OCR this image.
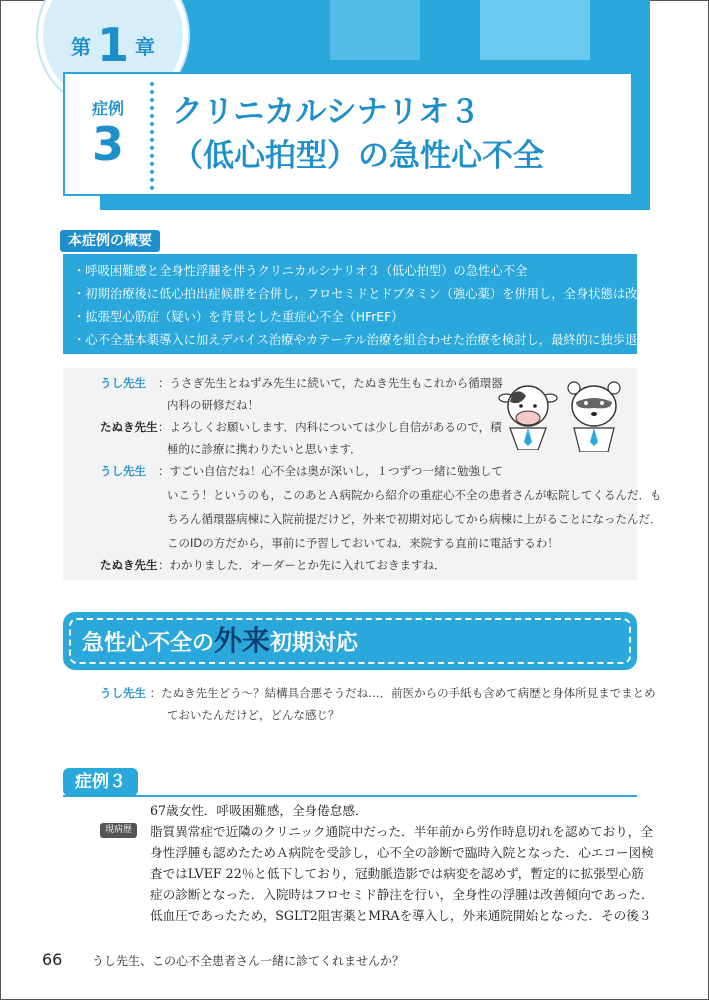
第 1 章
症例
3
クリニカルシナリオ３
（低心拍型）の急性心不全
本症例の概要
・呼吸困難感と全身性浮腫を伴うクリニカルシナリオ３（低心拍型）の急性心不全
・初期治療後に低心拍出症候群を合併し，フロセミドとドブタミン（強心薬）を併用し，全身状態は改善
・拡張型心筋症（疑い）を背景とした重症心不全（HFrEF）
・心不全基本薬導入に加えデバイス治療やカテーテル治療を組合わせた治療を検討し，最終的に独歩退院
うし先生 ：うさぎ先生とねずみ先生に続いて，たぬき先生もこれから循環器
内科の研修だね！
たぬき先生 ：よろしくお願いします．内科については少し自信があるので，積
極的に診療に携わりたいと思います．
うし先生 ：すごい自信だね！心不全は奥が深いし，１つずつ一緒に勉強して
いこう！というのも，このあとＡ病院から紹介の重症心不全の患者さんが転院してくるんだ．も
ちろん循環器病棟に入院前提だけど，外来で初期対応してから病棟に上がることになったんだ．
このIDの方だから，事前に予習しておいてね．来院する直前に電話するわ！
たぬき先生 ：わかりました．オーダーとか先に入れておきますね．
急性心不全の外来初期対応
うし先生 ：たぬき先生どう～？結構具合悪そうだね…．前医からの手紙も含めて病歴と身体所見までまとめ
ておいたんだけど，どんな感じ？
症例３
67歳女性．呼吸困難感，全身倦怠感．
現病歴	脂質異常症で近隣のクリニック通院中だった．半年前から労作時息切れを認めており，全
身性浮腫も認めたためＡ病院を受診し，心不全の診断で臨時入院となった．心エコー図検
査ではLVEF 22％と低下しており，冠動脈造影では病変を認めず，暫定的に拡張型心筋
症の診断となった．入院時はフロセミド静注を行い，全身性の浮腫は改善傾向であった．
低血圧であったため，SGLT2阻害薬とMRAを導入し，外来通院開始となった．その後３
66 うし先生、この心不全患者さん一緒に診てくれませんか？
